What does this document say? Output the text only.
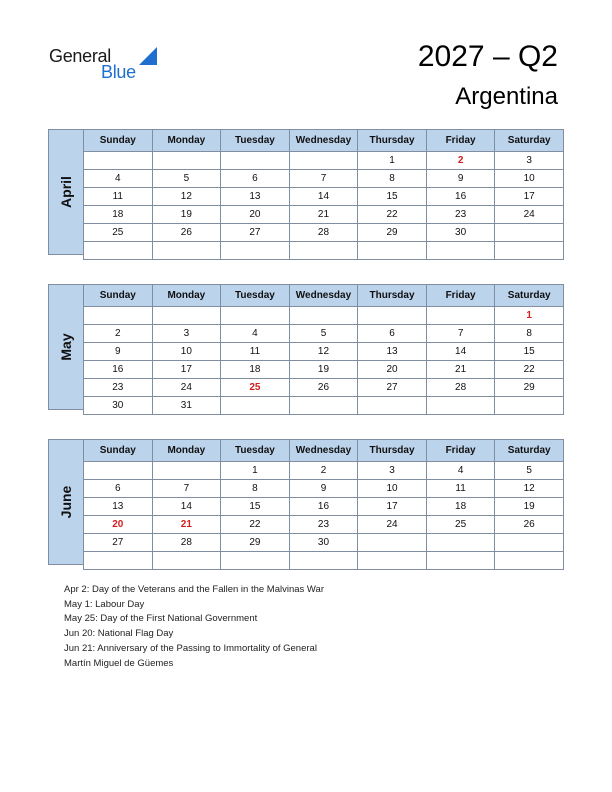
General
Blue	2027 – Q2
Argentina
April
Sunday	Monday	Tuesday	Wednesday	Thursday	Friday	Saturday
				1	2	3
4	5	6	7	8	9	10
11	12	13	14	15	16	17
18	19	20	21	22	23	24
25	26	27	28	29	30	

May
Sunday	Monday	Tuesday	Wednesday	Thursday	Friday	Saturday
						1
2	3	4	5	6	7	8
9	10	11	12	13	14	15
16	17	18	19	20	21	22
23	24	25	26	27	28	29
30	31					
June
Sunday	Monday	Tuesday	Wednesday	Thursday	Friday	Saturday
		1	2	3	4	5
6	7	8	9	10	11	12
13	14	15	16	17	18	19
20	21	22	23	24	25	26
27	28	29	30			

Apr 2: Day of the Veterans and the Fallen in the Malvinas War
May 1: Labour Day
May 25: Day of the First National Government
Jun 20: National Flag Day
Jun 21: Anniversary of the Passing to Immortality of General
Martín Miguel de Güemes
